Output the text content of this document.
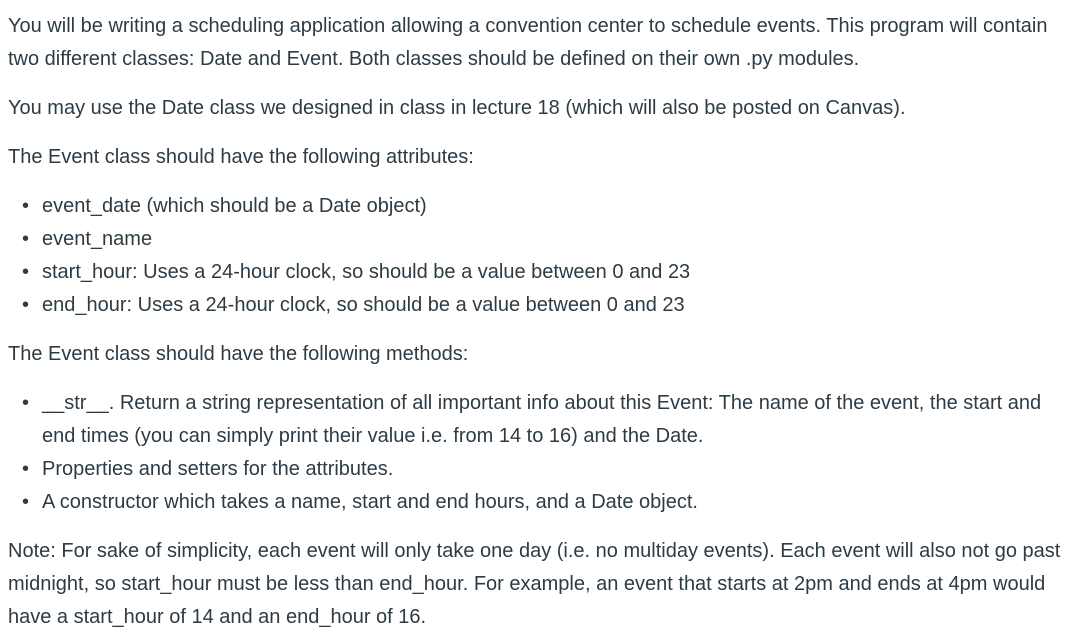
You will be writing a scheduling application allowing a convention center to schedule events. This program will contain two different classes: Date and Event. Both classes should be defined on their own .py modules.

You may use the Date class we designed in class in lecture 18 (which will also be posted on Canvas).

The Event class should have the following attributes:

• event_date (which should be a Date object)
• event_name
• start_hour: Uses a 24-hour clock, so should be a value between 0 and 23
• end_hour: Uses a 24-hour clock, so should be a value between 0 and 23

The Event class should have the following methods:

• __str__. Return a string representation of all important info about this Event: The name of the event, the start and end times (you can simply print their value i.e. from 14 to 16) and the Date.
• Properties and setters for the attributes.
• A constructor which takes a name, start and end hours, and a Date object.

Note: For sake of simplicity, each event will only take one day (i.e. no multiday events). Each event will also not go past midnight, so start_hour must be less than end_hour. For example, an event that starts at 2pm and ends at 4pm would have a start_hour of 14 and an end_hour of 16.
